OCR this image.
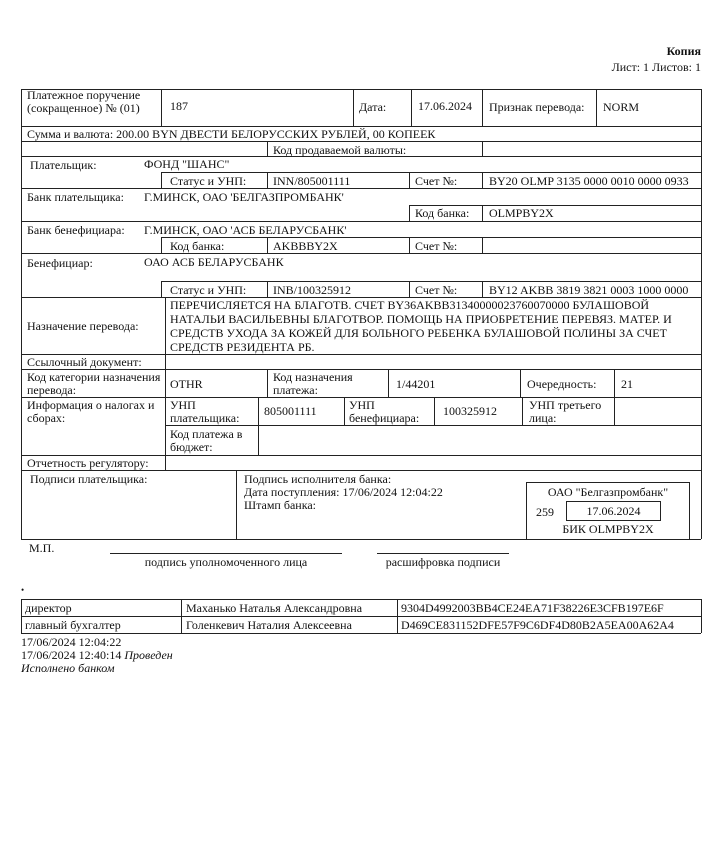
Копия
Лист: 1 Листов: 1
Платежное поручение (сокращенное) № (01)	187	Дата:	17.06.2024 Признак перевода: NORM
Сумма и валюта: 200.00 BYN ДВЕСТИ БЕЛОРУССКИХ РУБЛЕЙ, 00 КОПЕЕК
Код продаваемой валюты:
Плательщик:	ФОНД "ШАНС"
Статус и УНП: INN/805001111	Счет №:	BY20 OLMP 3135 0000 0010 0000 0933
Банк плательщика: Г.МИНСК, ОАО 'БЕЛГАЗПРОМБАНК'
Код банка: OLMPBY2X
Банк бенефициара: Г.МИНСК, ОАО 'АСБ БЕЛАРУСБАНК'
Код банка:	AKBBBY2X	Счет №:
Бенефициар:	ОАО АСБ БЕЛАРУСБАНК
Статус и УНП: INB/100325912	Счет №:	BY12 AKBB 3819 3821 0003 1000 0000
Назначение перевода:
ПЕРЕЧИСЛЯЕТСЯ НА БЛАГОТВ. СЧЕТ BY36AKBB31340000023760070000 БУЛАШОВОЙ НАТАЛЬИ ВАСИЛЬЕВНЫ БЛАГОТВОР. ПОМОЩЬ НА ПРИОБРЕТЕНИЕ ПЕРЕВЯЗ. МАТЕР. И СРЕДСТВ УХОДА ЗА КОЖЕЙ ДЛЯ БОЛЬНОГО РЕБЕНКА БУЛАШОВОЙ ПОЛИНЫ ЗА СЧЕТ СРЕДСТВ РЕЗИДЕНТА РБ.
Ссылочный документ:
Код категории назначения перевода:	OTHR	Код назначения платежа:	1/44201	Очередность: 21
Информация о налогах и сборах:
УНП плательщика:	805001111	УНП бенефициара:	100325912	УНП третьего лица:
Код платежа в бюджет:
Отчетность регулятору:
Подписи плательщика:	Подпись исполнителя банка:
Дата поступления: 17/06/2024 12:04:22
Штамп банка:
ОАО "Белгазпромбанк"
259	17.06.2024
БИК OLMPBY2X
М.П.
подпись уполномоченного лица	расшифровка подписи
•
директор	Маханько Наталья Александровна	9304D4992003BB4CE24EA71F38226E3CFB197E6F
главный бухгалтер	Голенкевич Наталия Алексеевна	D469CE831152DFE57F9C6DF4D80B2A5EA00A62A4
17/06/2024 12:04:22
17/06/2024 12:40:14 Проведен
Исполнено банком
